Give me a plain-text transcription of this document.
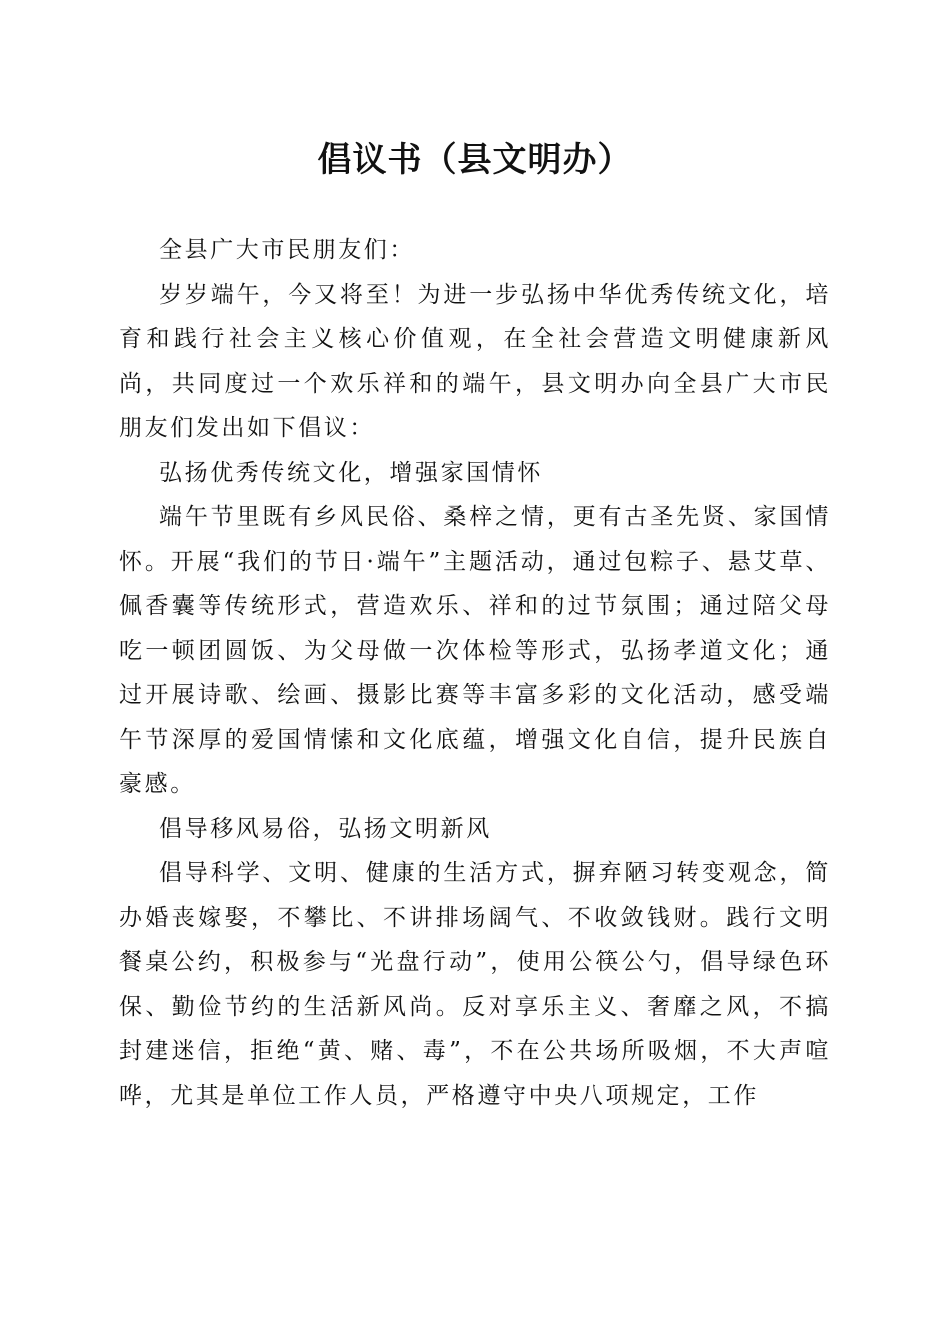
倡议书（县文明办）

全县广大市民朋友们：

岁岁端午，今又将至！为进一步弘扬中华优秀传统文化，培育和践行社会主义核心价值观，在全社会营造文明健康新风尚，共同度过一个欢乐祥和的端午，县文明办向全县广大市民朋友们发出如下倡议：

弘扬优秀传统文化，增强家国情怀

端午节里既有乡风民俗、桑梓之情，更有古圣先贤、家国情怀。开展“我们的节日·端午”主题活动，通过包粽子、悬艾草、佩香囊等传统形式，营造欢乐、祥和的过节氛围；通过陪父母吃一顿团圆饭、为父母做一次体检等形式，弘扬孝道文化；通过开展诗歌、绘画、摄影比赛等丰富多彩的文化活动，感受端午节深厚的爱国情愫和文化底蕴，增强文化自信，提升民族自豪感。

倡导移风易俗，弘扬文明新风

倡导科学、文明、健康的生活方式，摒弃陋习转变观念，简办婚丧嫁娶，不攀比、不讲排场阔气、不收敛钱财。践行文明餐桌公约，积极参与“光盘行动”，使用公筷公勺，倡导绿色环保、勤俭节约的生活新风尚。反对享乐主义、奢靡之风，不搞封建迷信，拒绝“黄、赌、毒”，不在公共场所吸烟，不大声喧哗，尤其是单位工作人员，严格遵守中央八项规定，工作
